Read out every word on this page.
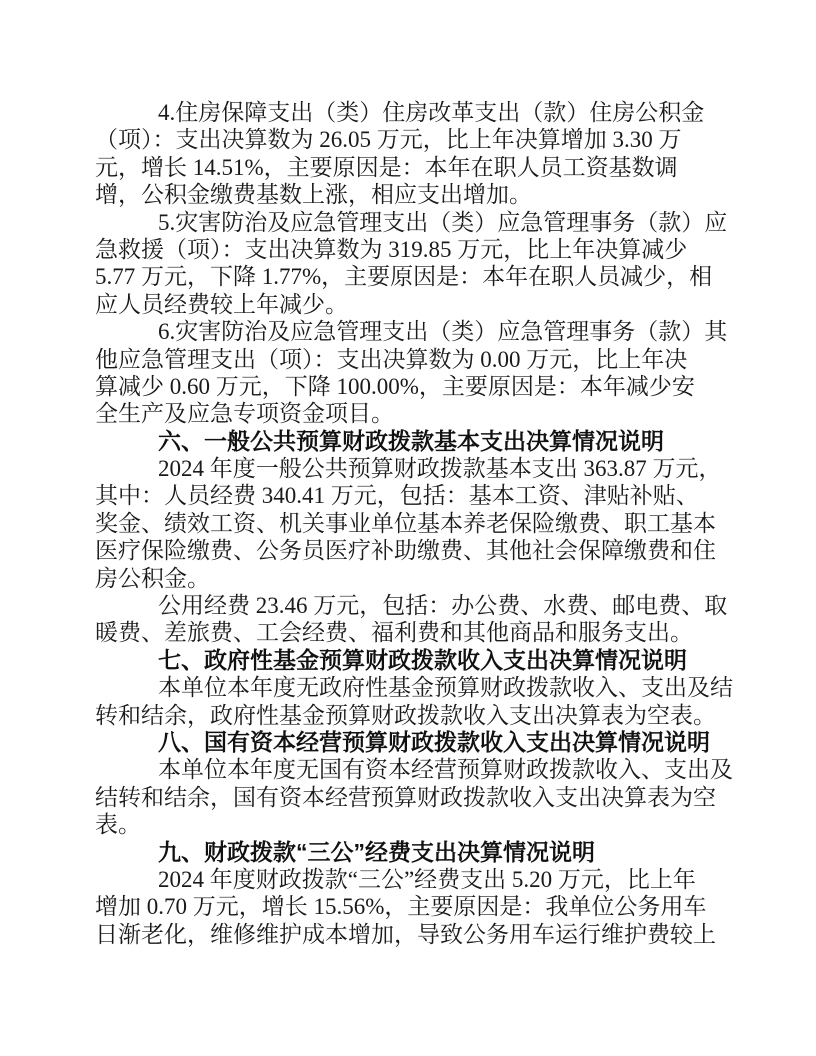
4.住房保障支出（类）住房改革支出（款）住房公积金
（项）：支出决算数为 26.05 万元，比上年决算增加 3.30 万
元，增长 14.51%，主要原因是：本年在职人员工资基数调
增，公积金缴费基数上涨，相应支出增加。
5.灾害防治及应急管理支出（类）应急管理事务（款）应
急救援（项）：支出决算数为 319.85 万元，比上年决算减少
5.77 万元，下降 1.77%，主要原因是：本年在职人员减少，相
应人员经费较上年减少。
6.灾害防治及应急管理支出（类）应急管理事务（款）其
他应急管理支出（项）：支出决算数为 0.00 万元，比上年决
算减少 0.60 万元，下降 100.00%，主要原因是：本年减少安
全生产及应急专项资金项目。
六、一般公共预算财政拨款基本支出决算情况说明
2024 年度一般公共预算财政拨款基本支出 363.87 万元，
其中：人员经费 340.41 万元，包括：基本工资、津贴补贴、
奖金、绩效工资、机关事业单位基本养老保险缴费、职工基本
医疗保险缴费、公务员医疗补助缴费、其他社会保障缴费和住
房公积金。
公用经费 23.46 万元，包括：办公费、水费、邮电费、取
暖费、差旅费、工会经费、福利费和其他商品和服务支出。
七、政府性基金预算财政拨款收入支出决算情况说明
本单位本年度无政府性基金预算财政拨款收入、支出及结
转和结余，政府性基金预算财政拨款收入支出决算表为空表。
八、国有资本经营预算财政拨款收入支出决算情况说明
本单位本年度无国有资本经营预算财政拨款收入、支出及
结转和结余，国有资本经营预算财政拨款收入支出决算表为空
表。
九、财政拨款“三公”经费支出决算情况说明
2024 年度财政拨款“三公”经费支出 5.20 万元，比上年
增加 0.70 万元，增长 15.56%，主要原因是：我单位公务用车
日渐老化，维修维护成本增加，导致公务用车运行维护费较上
